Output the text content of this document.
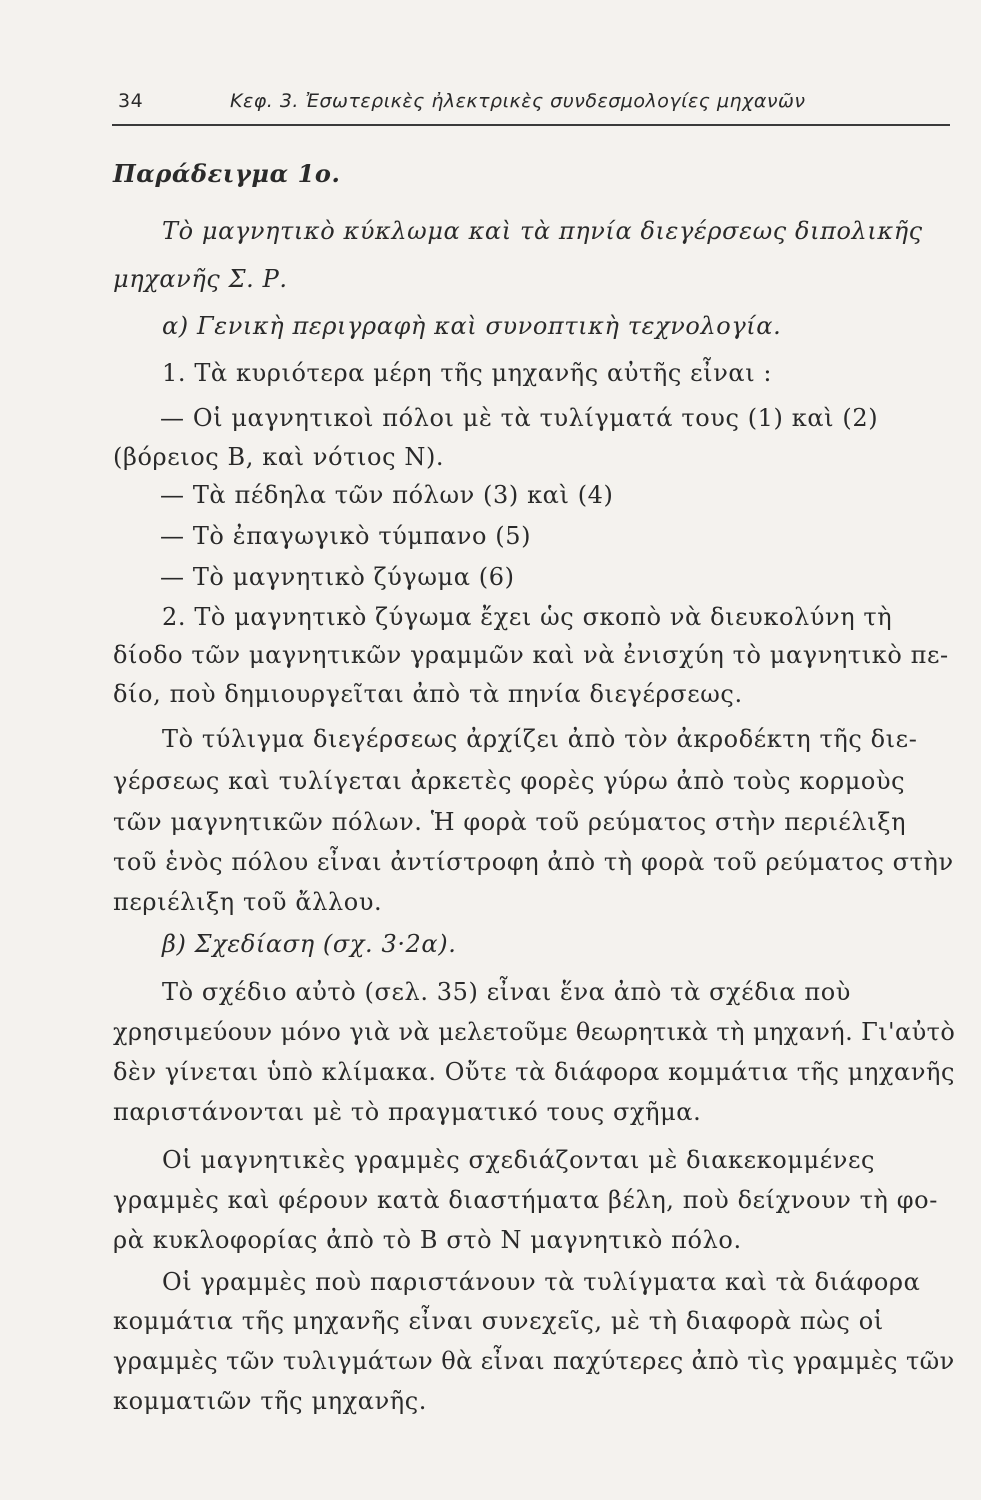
34	Κεφ. 3. Ἐσωτερικὲς ἠλεκτρικὲς συνδεσμολογίες μηχανῶν
Παράδειγμα 1ο.
Τὸ μαγνητικὸ κύκλωμα καὶ τὰ πηνία διεγέρσεως διπολικῆς
μηχανῆς Σ. Ρ.
α) Γενικὴ περιγραφὴ καὶ συνοπτικὴ τεχνολογία.
1. Τὰ κυριότερα μέρη τῆς μηχανῆς αὐτῆς εἶναι :
— Οἱ μαγνητικοὶ πόλοι μὲ τὰ τυλίγματά τους (1) καὶ (2)
(βόρειος Β, καὶ νότιος Ν).
— Τὰ πέδηλα τῶν πόλων (3) καὶ (4)
— Τὸ ἐπαγωγικὸ τύμπανο (5)
— Τὸ μαγνητικὸ ζύγωμα (6)
2. Τὸ μαγνητικὸ ζύγωμα ἔχει ὡς σκοπὸ νὰ διευκολύνη τὴ
δίοδο τῶν μαγνητικῶν γραμμῶν καὶ νὰ ἐνισχύη τὸ μαγνητικὸ πε-
δίο, ποὺ δημιουργεῖται ἀπὸ τὰ πηνία διεγέρσεως.
Τὸ τύλιγμα διεγέρσεως ἀρχίζει ἀπὸ τὸν ἀκροδέκτη τῆς διε-
γέρσεως καὶ τυλίγεται ἀρκετὲς φορὲς γύρω ἀπὸ τοὺς κορμοὺς
τῶν μαγνητικῶν πόλων. Ἡ φορὰ τοῦ ρεύματος στὴν περιέλιξη
τοῦ ἑνὸς πόλου εἶναι ἀντίστροφη ἀπὸ τὴ φορὰ τοῦ ρεύματος στὴν
περιέλιξη τοῦ ἄλλου.
β) Σχεδίαση (σχ. 3·2α).
Τὸ σχέδιο αὐτὸ (σελ. 35) εἶναι ἕνα ἀπὸ τὰ σχέδια ποὺ
χρησιμεύουν μόνο γιὰ νὰ μελετοῦμε θεωρητικὰ τὴ μηχανή. Γι'αὐτὸ
δὲν γίνεται ὑπὸ κλίμακα. Οὔτε τὰ διάφορα κομμάτια τῆς μηχανῆς
παριστάνονται μὲ τὸ πραγματικό τους σχῆμα.
Οἱ μαγνητικὲς γραμμὲς σχεδιάζονται μὲ διακεκομμένες
γραμμὲς καὶ φέρουν κατὰ διαστήματα βέλη, ποὺ δείχνουν τὴ φο-
ρὰ κυκλοφορίας ἀπὸ τὸ Β στὸ Ν μαγνητικὸ πόλο.
Οἱ γραμμὲς ποὺ παριστάνουν τὰ τυλίγματα καὶ τὰ διάφορα
κομμάτια τῆς μηχανῆς εἶναι συνεχεῖς, μὲ τὴ διαφορὰ πὼς οἱ
γραμμὲς τῶν τυλιγμάτων θὰ εἶναι παχύτερες ἀπὸ τὶς γραμμὲς τῶν
κομματιῶν τῆς μηχανῆς.
